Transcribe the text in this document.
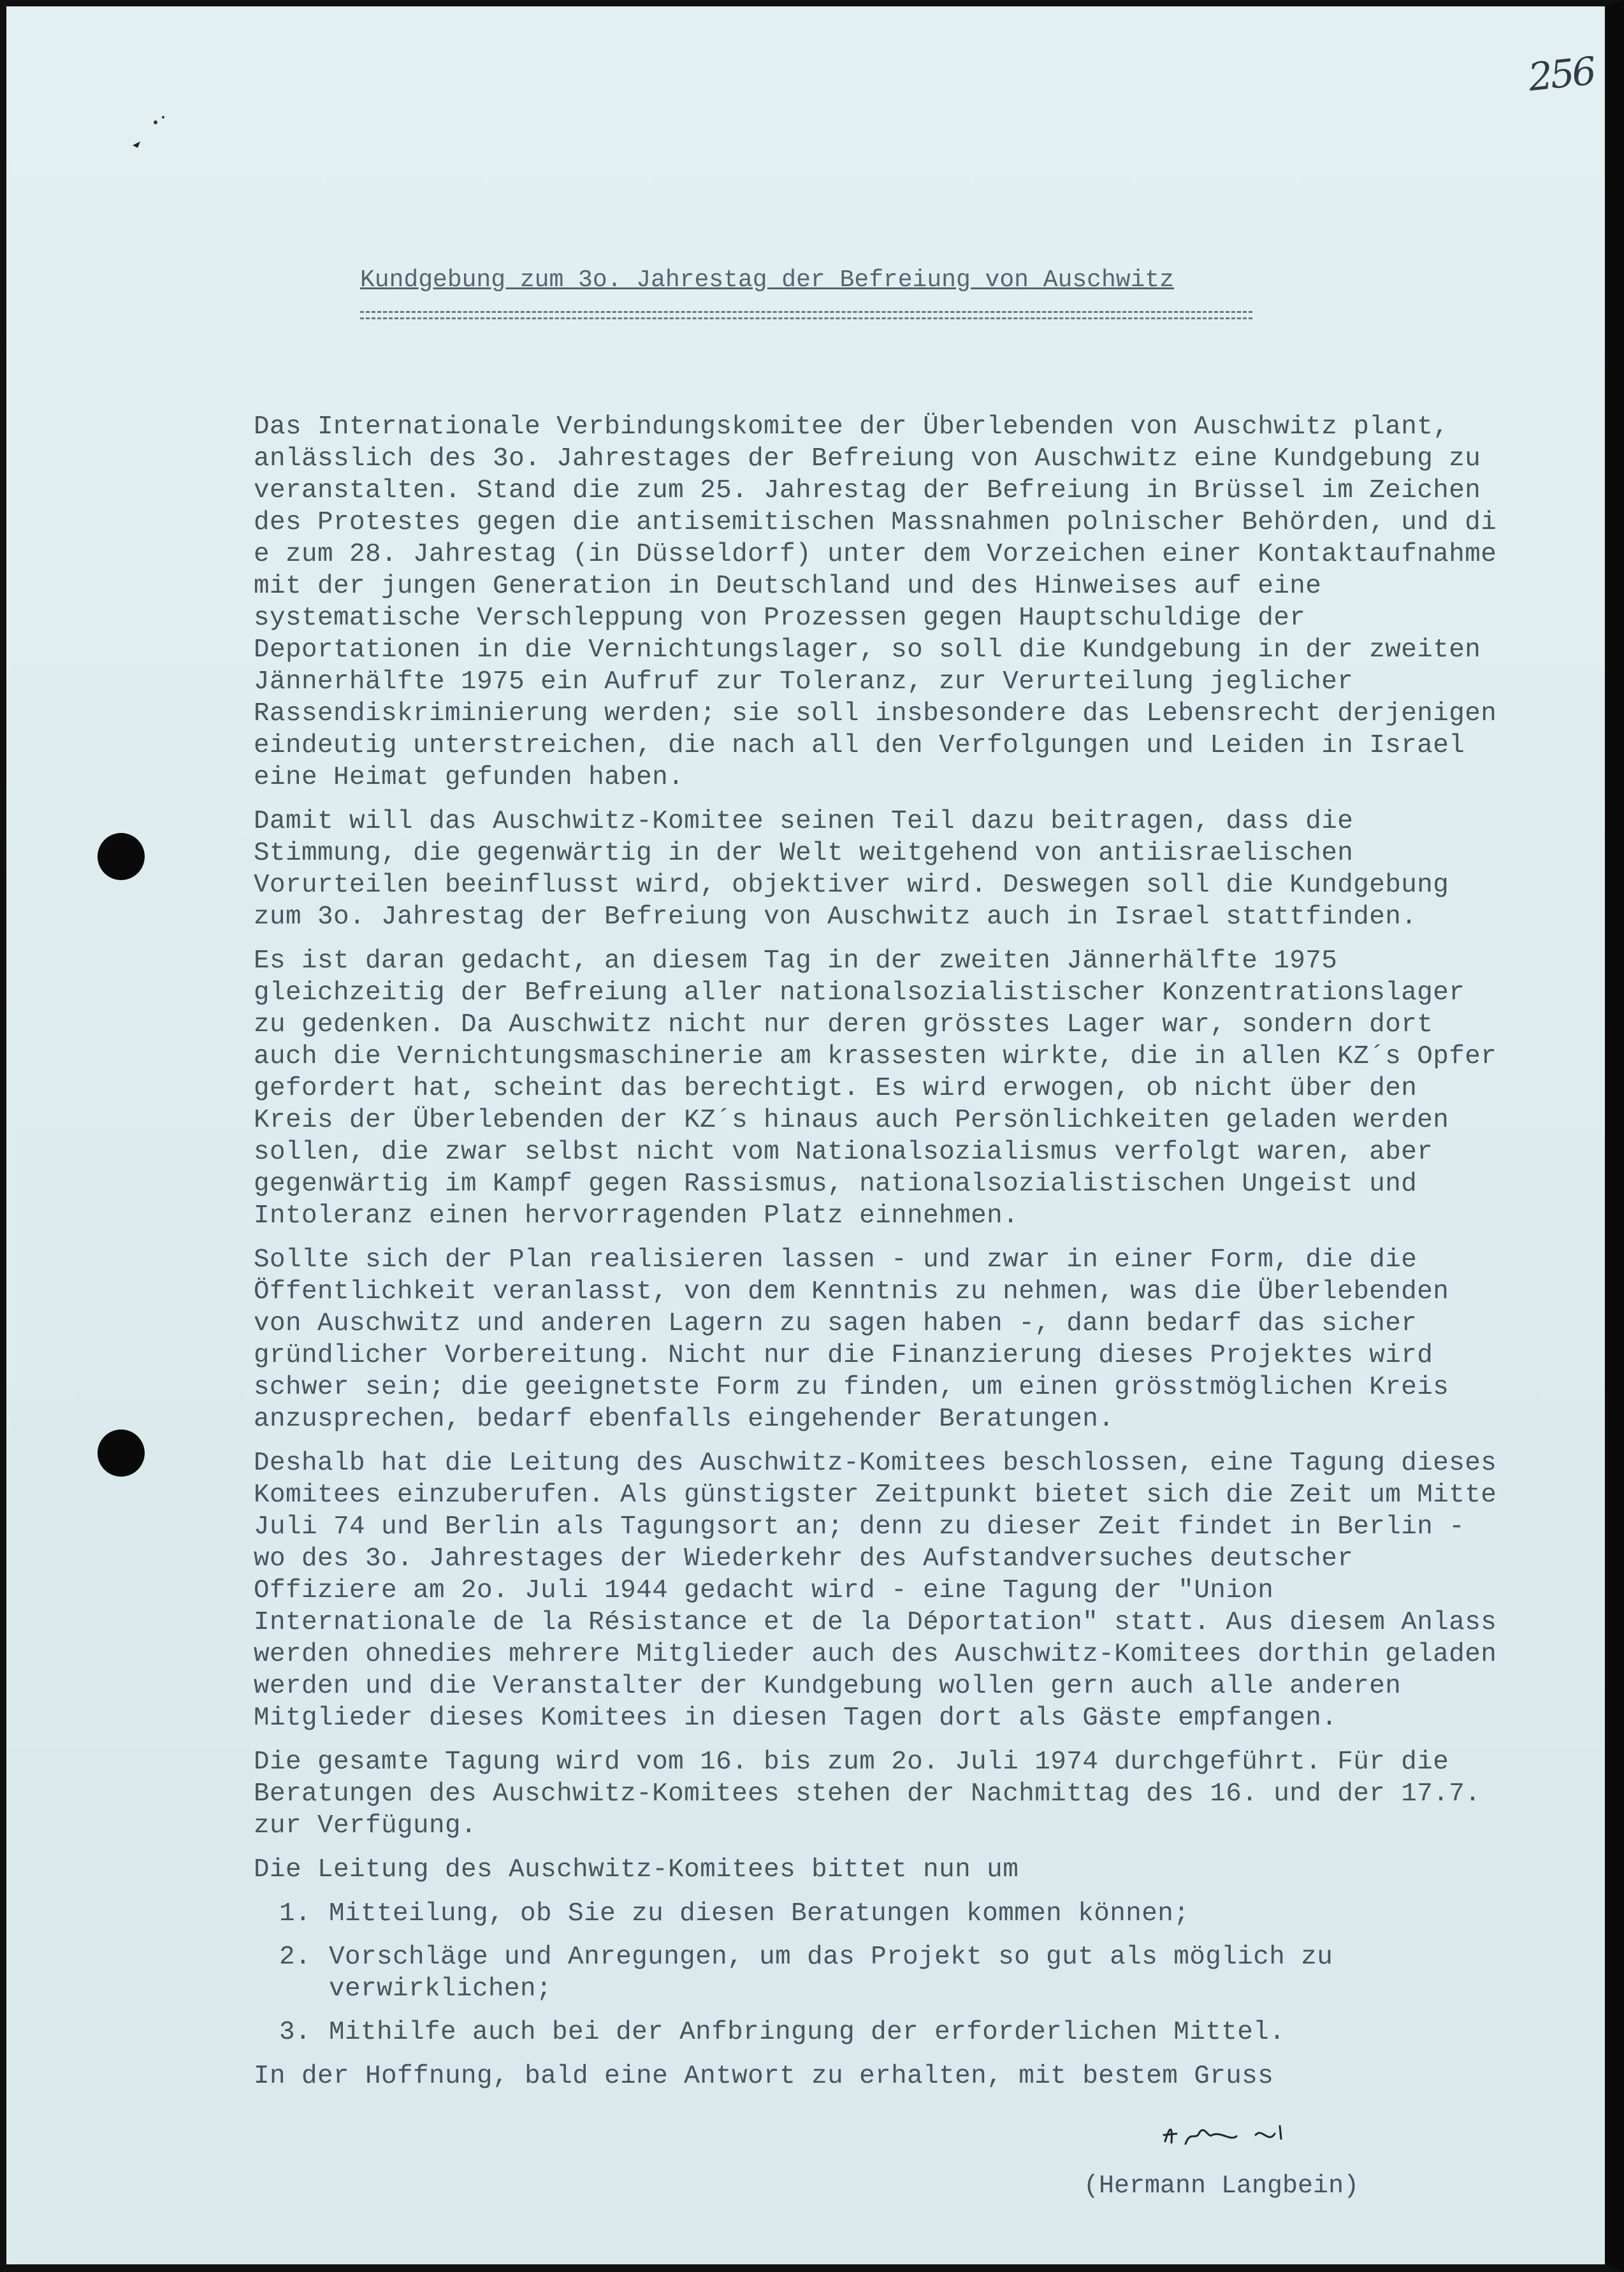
256
Kundgebung zum 3o. Jahrestag der Befreiung von Auschwitz

Das Internationale Verbindungskomitee der Überlebenden von Auschwitz plant, anlässlich des 3o. Jahrestages der Befreiung von Auschwitz eine Kundgebung zu veranstalten. Stand die zum 25. Jahrestag der Befreiung in Brüssel im Zeichen des Protestes gegen die antisemitischen Massnahmen polnischer Behörden, und di e zum 28. Jahrestag (in Düsseldorf) unter dem Vorzeichen einer Kontaktaufnahme mit der jungen Generation in Deutschland und des Hinweises auf eine systematische Verschleppung von Prozessen gegen Hauptschuldige der Deportationen in die Vernichtungslager, so soll die Kundgebung in der zweiten Jännerhälfte 1975 ein Aufruf zur Toleranz, zur Verurteilung jeglicher Rassendiskriminierung werden; sie soll insbesondere das Lebensrecht derjenigen eindeutig unterstreichen, die nach all den Verfolgungen und Leiden in Israel eine Heimat gefunden haben.

Damit will das Auschwitz-Komitee seinen Teil dazu beitragen, dass die Stimmung, die gegenwärtig in der Welt weitgehend von antiisraelischen Vorurteilen beeinflusst wird, objektiver wird. Deswegen soll die Kundgebung zum 3o. Jahrestag der Befreiung von Auschwitz auch in Israel stattfinden.

Es ist daran gedacht, an diesem Tag in der zweiten Jännerhälfte 1975 gleichzeitig der Befreiung aller nationalsozialistischer Konzentrationslager zu gedenken. Da Auschwitz nicht nur deren grösstes Lager war, sondern dort auch die Vernichtungsmaschinerie am krassesten wirkte, die in allen KZ´s Opfer gefordert hat, scheint das berechtigt. Es wird erwogen, ob nicht über den Kreis der Überlebenden der KZ´s hinaus auch Persönlichkeiten geladen werden sollen, die zwar selbst nicht vom Nationalsozialismus verfolgt waren, aber gegenwärtig im Kampf gegen Rassismus, nationalsozialistischen Ungeist und Intoleranz einen hervorragenden Platz einnehmen.

Sollte sich der Plan realisieren lassen - und zwar in einer Form, die die Öffentlichkeit veranlasst, von dem Kenntnis zu nehmen, was die Überlebenden von Auschwitz und anderen Lagern zu sagen haben -, dann bedarf das sicher gründlicher Vorbereitung. Nicht nur die Finanzierung dieses Projektes wird schwer sein; die geeignetste Form zu finden, um einen grösstmöglichen Kreis anzusprechen, bedarf ebenfalls eingehender Beratungen.

Deshalb hat die Leitung des Auschwitz-Komitees beschlossen, eine Tagung dieses Komitees einzuberufen. Als günstigster Zeitpunkt bietet sich die Zeit um Mitte Juli 74 und Berlin als Tagungsort an; denn zu dieser Zeit findet in Berlin - wo des 3o. Jahrestages der Wiederkehr des Aufstandversuches deutscher Offiziere am 2o. Juli 1944 gedacht wird - eine Tagung der "Union Internationale de la Résistance et de la Déportation" statt. Aus diesem Anlass werden ohnedies mehrere Mitglieder auch des Auschwitz-Komitees dorthin geladen werden und die Veranstalter der Kundgebung wollen gern auch alle anderen Mitglieder dieses Komitees in diesen Tagen dort als Gäste empfangen.

Die gesamte Tagung wird vom 16. bis zum 2o. Juli 1974 durchgeführt. Für die Beratungen des Auschwitz-Komitees stehen der Nachmittag des 16. und der 17.7. zur Verfügung.

Die Leitung des Auschwitz-Komitees bittet nun um

1. Mitteilung, ob Sie zu diesen Beratungen kommen können;
2. Vorschläge und Anregungen, um das Projekt so gut als möglich zu verwirklichen;
3. Mithilfe auch bei der Anfbringung der erforderlichen Mittel.

In der Hoffnung, bald eine Antwort zu erhalten, mit bestem Gruss

(Hermann Langbein)
